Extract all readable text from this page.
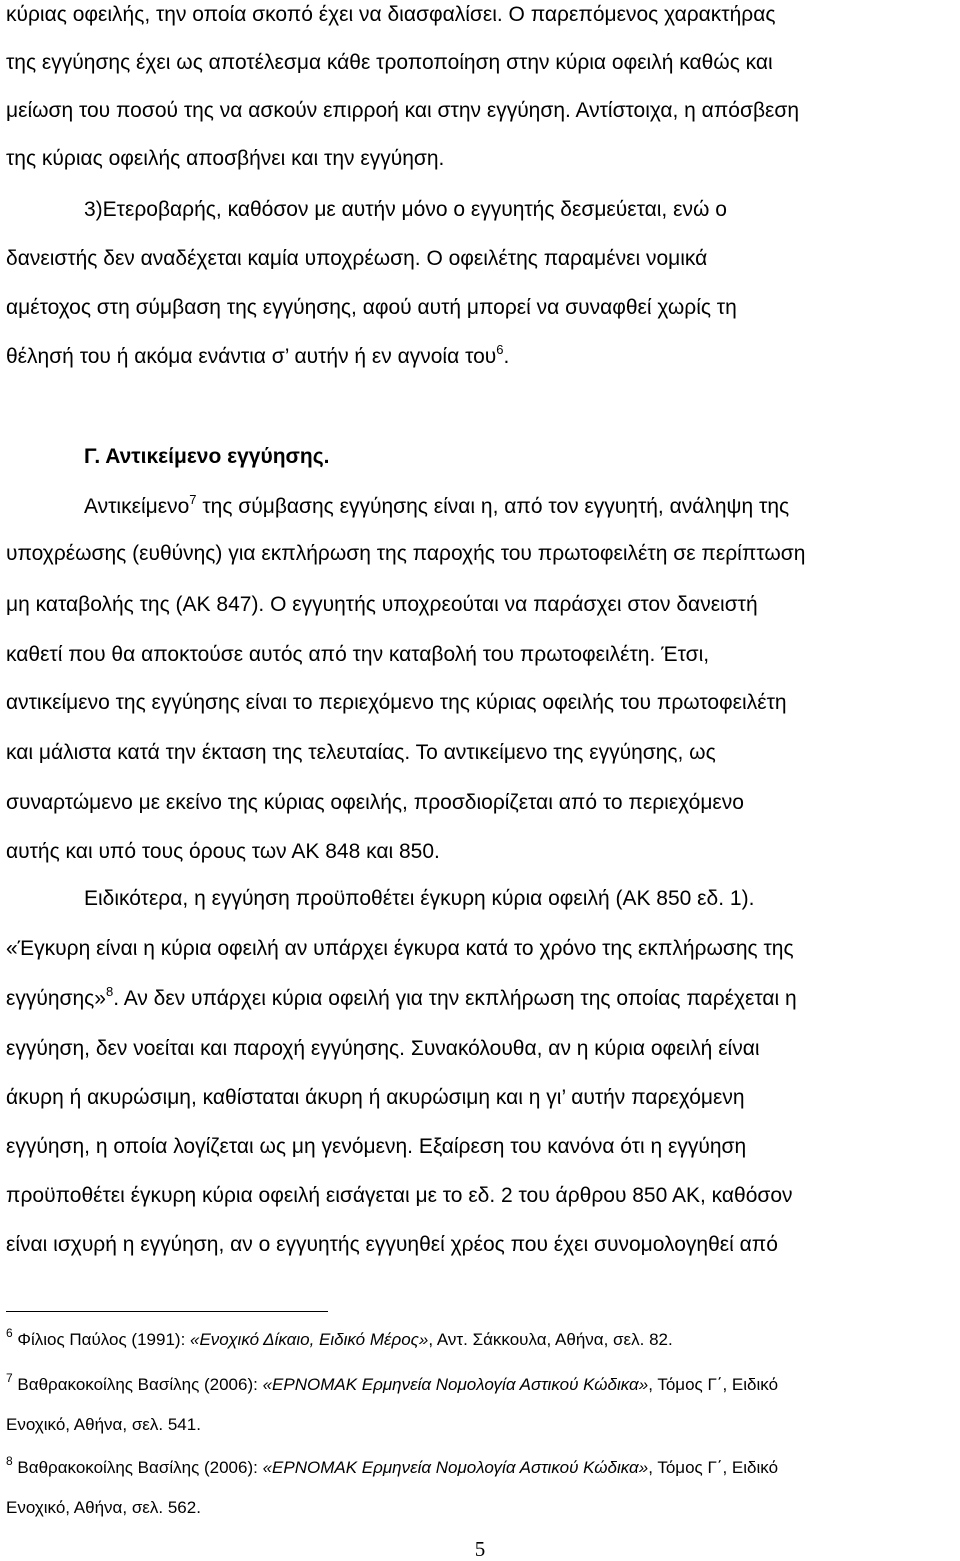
κύριας οφειλής, την οποία σκοπό έχει να διασφαλίσει. Ο παρεπόμενος χαρακτήρας
της εγγύησης έχει ως αποτέλεσμα κάθε τροποποίηση στην κύρια οφειλή καθώς και
μείωση του ποσού της να ασκούν επιρροή και στην εγγύηση. Αντίστοιχα, η απόσβεση
της κύριας οφειλής αποσβήνει και την εγγύηση.
3)Ετεροβαρής, καθόσον με αυτήν μόνο ο εγγυητής δεσμεύεται, ενώ ο
δανειστής δεν αναδέχεται καμία υποχρέωση. Ο οφειλέτης παραμένει νομικά
αμέτοχος στη σύμβαση της εγγύησης, αφού αυτή μπορεί να συναφθεί χωρίς τη
θέλησή του ή ακόμα ενάντια σ’ αυτήν ή εν αγνοία του$^6$.
Γ. Αντικείμενο εγγύησης.
Αντικείμενο$^7$ της σύμβασης εγγύησης είναι η, από τον εγγυητή, ανάληψη της
υποχρέωσης (ευθύνης) για εκπλήρωση της παροχής του πρωτοφειλέτη σε περίπτωση
μη καταβολής της (ΑΚ 847). Ο εγγυητής υποχρεούται να παράσχει στον δανειστή
καθετί που θα αποκτούσε αυτός από την καταβολή του πρωτοφειλέτη. Έτσι,
αντικείμενο της εγγύησης είναι το περιεχόμενο της κύριας οφειλής του πρωτοφειλέτη
και μάλιστα κατά την έκταση της τελευταίας. Το αντικείμενο της εγγύησης, ως
συναρτώμενο με εκείνο της κύριας οφειλής, προσδιορίζεται από το περιεχόμενο
αυτής και υπό τους όρους των ΑΚ 848 και 850.
Ειδικότερα, η εγγύηση προϋποθέτει έγκυρη κύρια οφειλή (ΑΚ 850 εδ. 1).
«Έγκυρη είναι η κύρια οφειλή αν υπάρχει έγκυρα κατά το χρόνο της εκπλήρωσης της
εγγύησης»$^8$. Αν δεν υπάρχει κύρια οφειλή για την εκπλήρωση της οποίας παρέχεται η
εγγύηση, δεν νοείται και παροχή εγγύησης. Συνακόλουθα, αν η κύρια οφειλή είναι
άκυρη ή ακυρώσιμη, καθίσταται άκυρη ή ακυρώσιμη και η γι’ αυτήν παρεχόμενη
εγγύηση, η οποία λογίζεται ως μη γενόμενη. Εξαίρεση του κανόνα ότι η εγγύηση
προϋποθέτει έγκυρη κύρια οφειλή εισάγεται με το εδ. 2 του άρθρου 850 ΑΚ, καθόσον
είναι ισχυρή η εγγύηση, αν ο εγγυητής εγγυηθεί χρέος που έχει συνομολογηθεί από
$^6$ Φίλιος Παύλος (1991): «Ενοχικό Δίκαιο, Ειδικό Μέρος», Αντ. Σάκκουλα, Αθήνα, σελ. 82.
$^7$ Βαθρακοκοίλης Βασίλης (2006): «ΕΡΝΟΜΑΚ Ερμηνεία Νομολογία Αστικού Κώδικα», Τόμος Γ΄, Ειδικό
Ενοχικό, Αθήνα, σελ. 541.
$^8$ Βαθρακοκοίλης Βασίλης (2006): «ΕΡΝΟΜΑΚ Ερμηνεία Νομολογία Αστικού Κώδικα», Τόμος Γ΄, Ειδικό
Ενοχικό, Αθήνα, σελ. 562.
5
